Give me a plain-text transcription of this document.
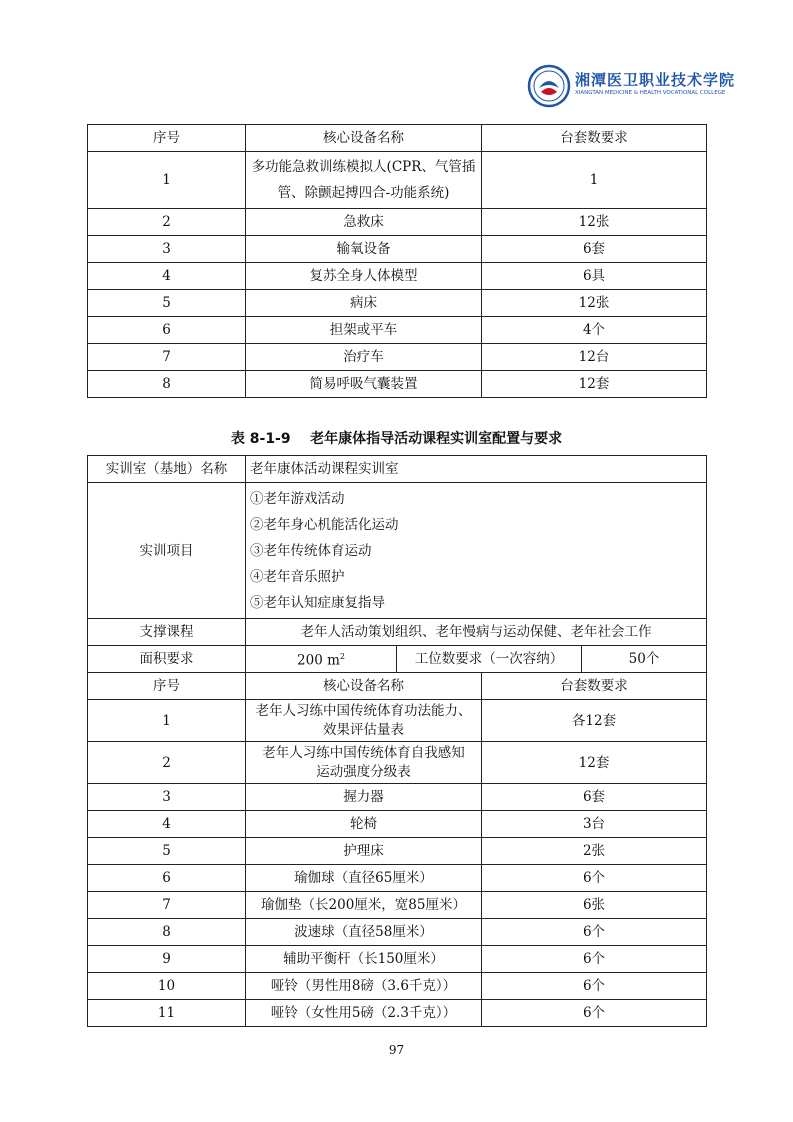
湘潭医卫职业技术学院
XIANGTAN MEDICINE & HEALTH VOCATIONAL COLLEGE
序号	核心设备名称	台套数要求
1	多功能急救训练模拟人(CPR、气管插管、除颤起搏四合-功能系统)	1
2	急救床	12张
3	输氧设备	6套
4	复苏全身人体模型	6具
5	病床	12张
6	担架或平车	4个
7	治疗车	12台
8	简易呼吸气囊装置	12套
表 8-1-9    老年康体指导活动课程实训室配置与要求
实训室（基地）名称	老年康体活动课程实训室			
实训项目	①老年游戏活动
②老年身心机能活化运动
③老年传统体育运动
④老年音乐照护
⑤老年认知症康复指导			

支撑课程	老年人活动策划组织、老年慢病与运动保健、老年社会工作			
面积要求	200 $m^2$	工位数要求（一次容纳）		50个
序号	核心设备名称		台套数要求	
1	老年人习练中国传统体育功法能力、
效果评估量表		各12套	
2	老年人习练中国传统体育自我感知
运动强度分级表		12套	
3	握力器		6套	
4	轮椅		3台	
5	护理床		2张	
6	瑜伽球（直径65厘米）		6个	
7	瑜伽垫（长200厘米，宽85厘米）		6张	
8	波速球（直径58厘米）		6个	
9	辅助平衡杆（长150厘米）		6个	
10	哑铃（男性用8磅（3.6千克））		6个	
11	哑铃（女性用5磅（2.3千克））		6个	
97
